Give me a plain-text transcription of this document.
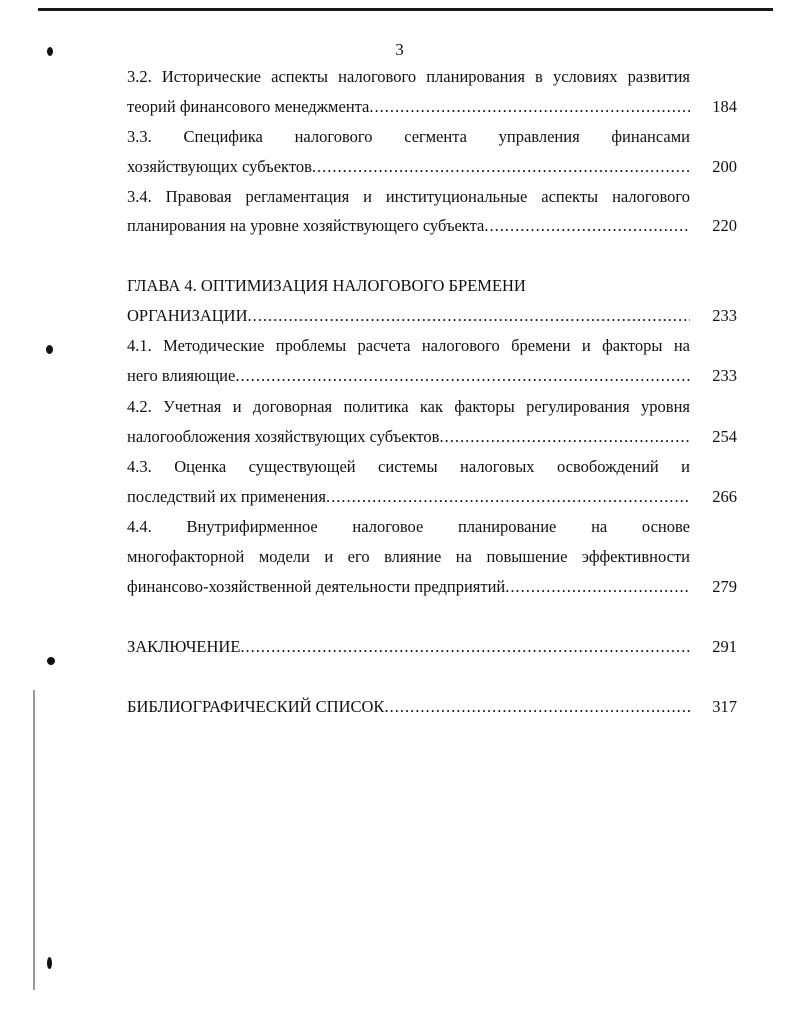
3
3.2. Исторические аспекты налогового планирования в условиях развития
теорий финансового менеджмента .....	184
3.3. Специфика налогового сегмента управления финансами
хозяйствующих субъектов .....	200
3.4. Правовая регламентация и институциональные аспекты налогового
планирования на уровне хозяйствующего субъекта .....	220
ГЛАВА 4. ОПТИМИЗАЦИЯ НАЛОГОВОГО БРЕМЕНИ
ОРГАНИЗАЦИИ .....	233
4.1. Методические проблемы расчета налогового бремени и факторы на
него влияющие .....	233
4.2. Учетная и договорная политика как факторы регулирования уровня
налогообложения хозяйствующих субъектов .....	254
4.3. Оценка существующей системы налоговых освобождений и
последствий их применения .....	266
4.4. Внутрифирменное налоговое планирование на основе
многофакторной модели и его влияние на повышение эффективности
финансово-хозяйственной деятельности предприятий .....	279
ЗАКЛЮЧЕНИЕ .....	291
БИБЛИОГРАФИЧЕСКИЙ СПИСОК .....	317
